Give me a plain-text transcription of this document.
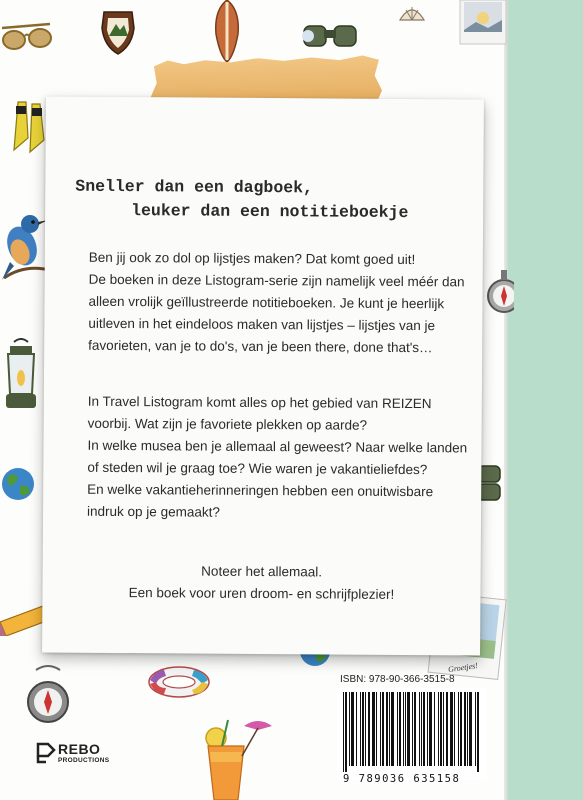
Groetjes!
Sneller dan een dagboek,
leuker dan een notitieboekje
Ben jij ook zo dol op lijstjes maken? Dat komt goed uit!
De boeken in deze Listogram-serie zijn namelijk veel méér dan
alleen vrolijk geïllustreerde notitieboeken. Je kunt je heerlijk
uitleven in het eindeloos maken van lijstjes – lijstjes van je
favorieten, van je to do's, van je been there, done that's…
In Travel Listogram komt alles op het gebied van REIZEN
voorbij. Wat zijn je favoriete plekken op aarde?
In welke musea ben je allemaal al geweest? Naar welke landen
of steden wil je graag toe? Wie waren je vakantieliefdes?
En welke vakantieherinneringen hebben een onuitwisbare
indruk op je gemaakt?
Noteer het allemaal.
Een boek voor uren droom- en schrijfplezier!
ISBN: 978-90-366-3515-8
9 789036 635158
REBO
PRODUCTIONS
